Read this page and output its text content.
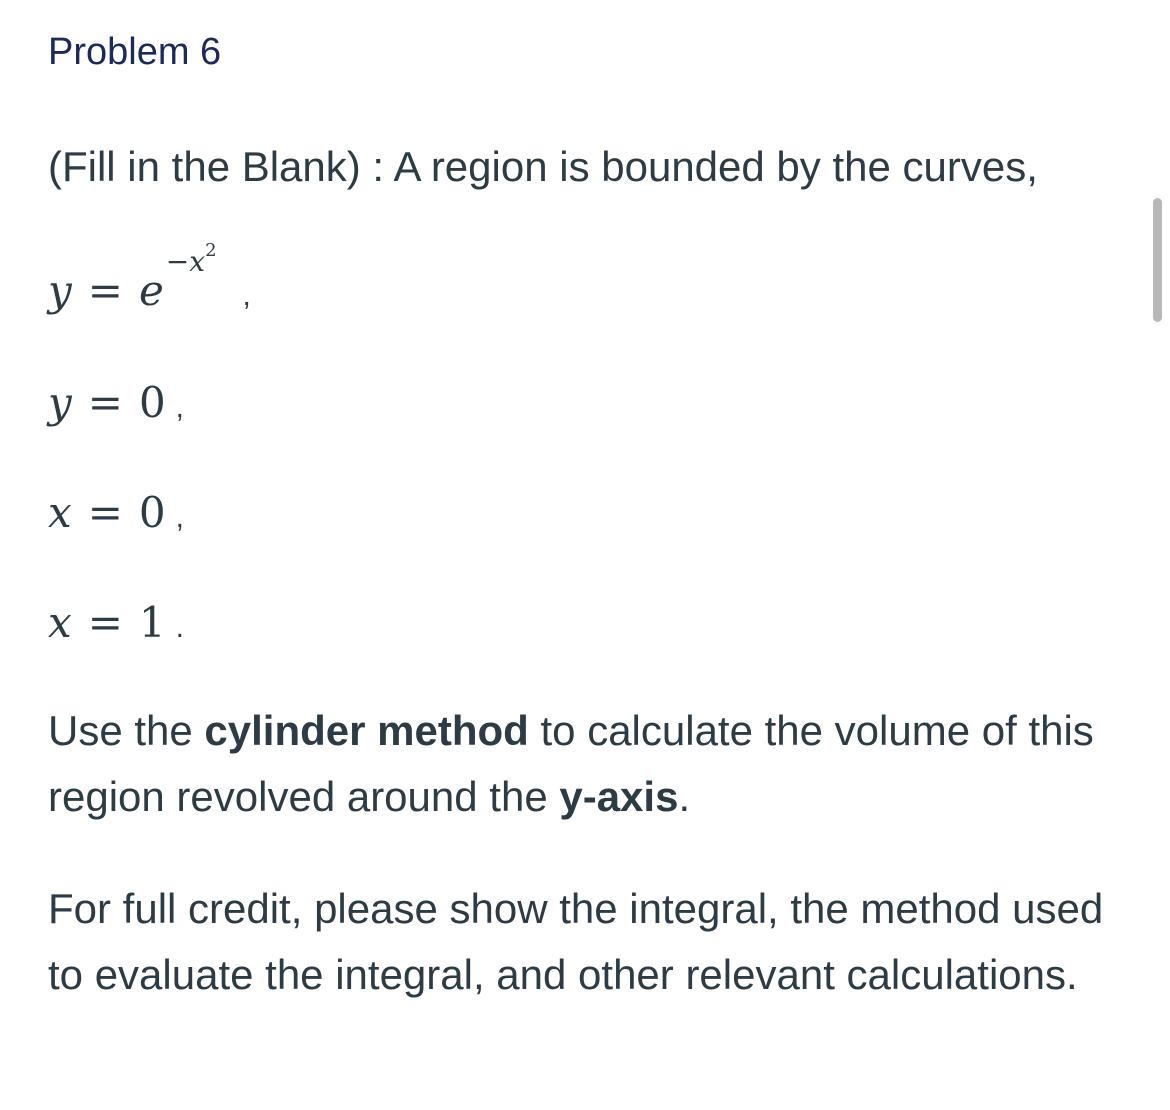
Problem 6
(Fill in the Blank) : A region is bounded by the curves,
$y = e^{-x^2}$,
y = 0 ,
x = 0 ,
x = 1 .
Use the cylinder method to calculate the volume of this region revolved around the y-axis.
For full credit, please show the integral, the method used to evaluate the integral, and other relevant calculations.
